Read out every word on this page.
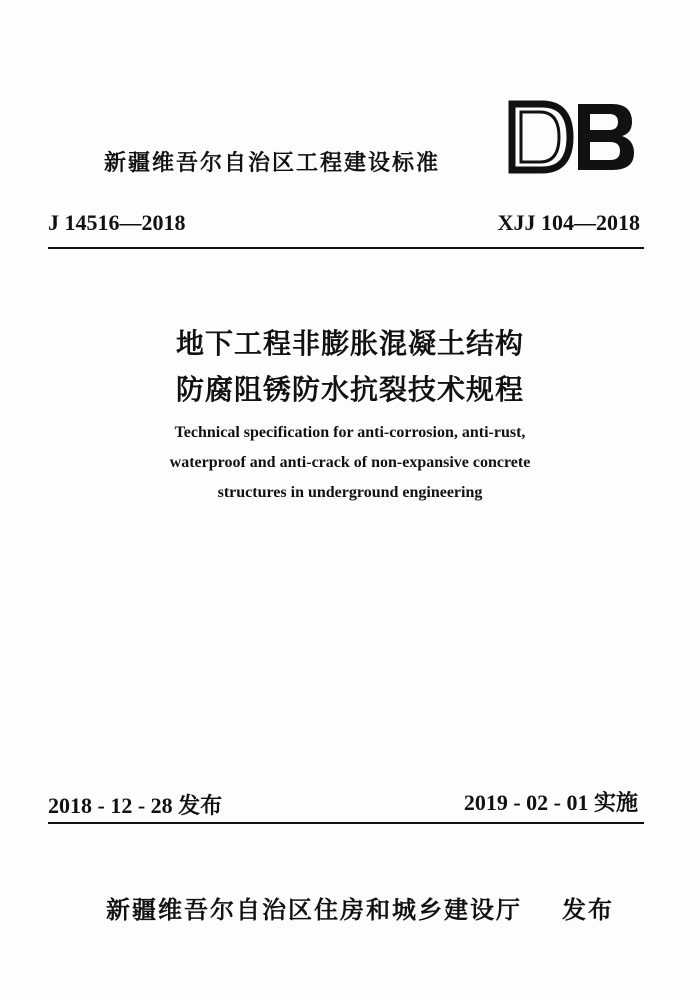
新疆维吾尔自治区工程建设标准
J 14516—2018	XJJ 104—2018
地下工程非膨胀混凝土结构
防腐阻锈防水抗裂技术规程
Technical specification for anti-corrosion, anti-rust,
waterproof and anti-crack of non-expansive concrete
structures in underground engineering
2018 - 12 - 28 发布	2019 - 02 - 01 实施
新疆维吾尔自治区住房和城乡建设厅 发布
